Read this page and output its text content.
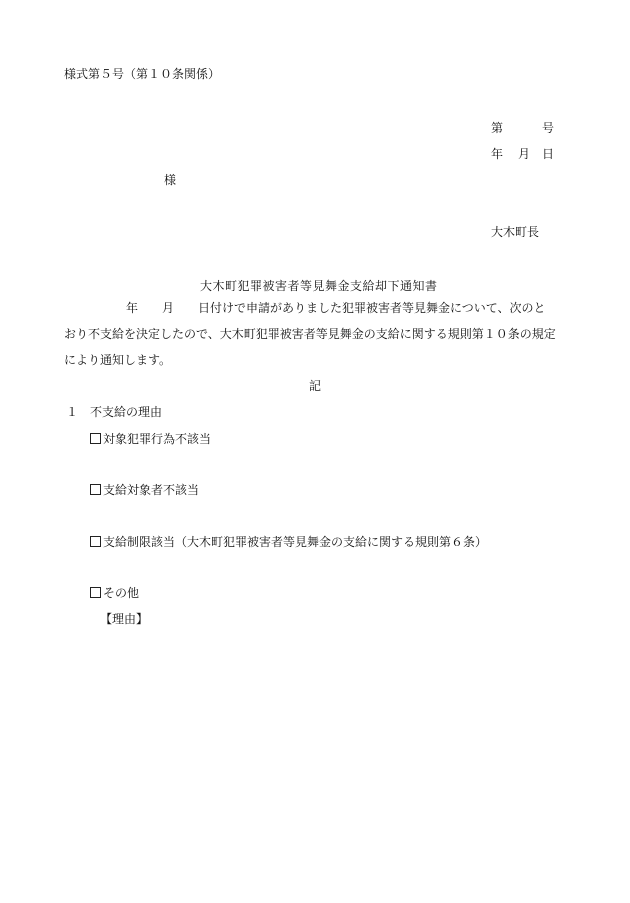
様式第５号（第１０条関係）
第	号
年 月 日
様
大木町長
大木町犯罪被害者等見舞金支給却下通知書
年　　月　　日付けで申請がありました犯罪被害者等見舞金について、次のと
おり不支給を決定したので、大木町犯罪被害者等見舞金の支給に関する規則第１０条の規定
により通知します。
記
１ 不支給の理由
対象犯罪行為不該当
支給対象者不該当
支給制限該当（大木町犯罪被害者等見舞金の支給に関する規則第６条）
その他
【理由】
